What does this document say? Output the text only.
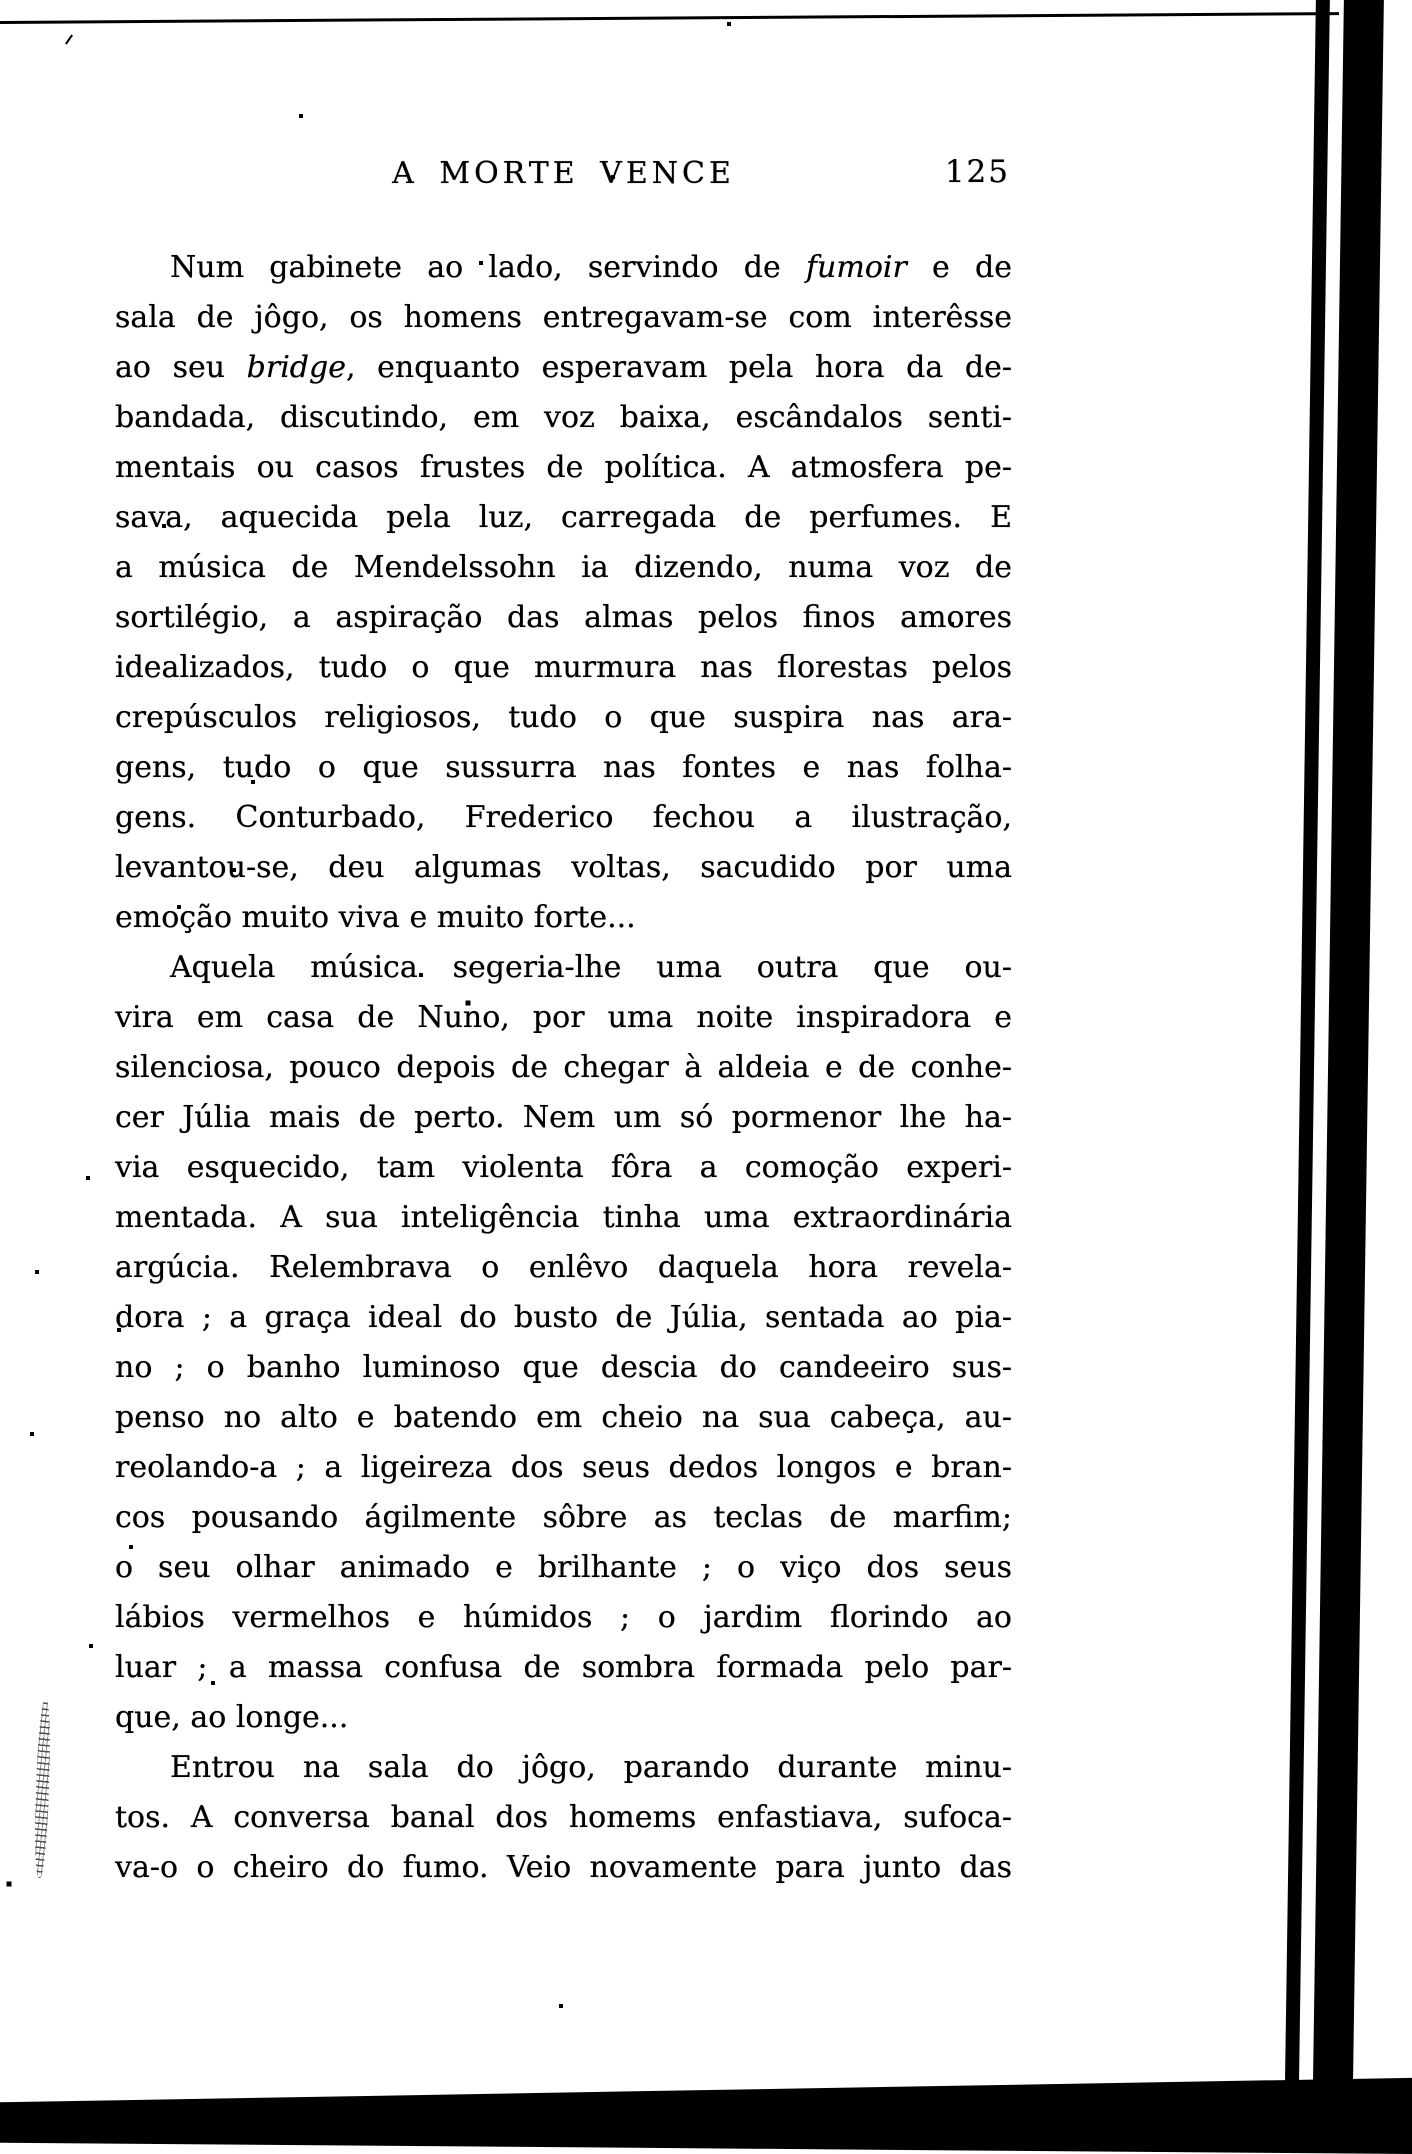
A MORTE VENCE	125
Num gabinete ao lado, servindo de fumoir e de
sala de jôgo, os homens entregavam-se com interêsse
ao seu bridge, enquanto esperavam pela hora da de-
bandada, discutindo, em voz baixa, escândalos senti-
mentais ou casos frustes de política. A atmosfera pe-
sava, aquecida pela luz, carregada de perfumes. E
a música de Mendelssohn ia dizendo, numa voz de
sortilégio, a aspiração das almas pelos finos amores
idealizados, tudo o que murmura nas florestas pelos
crepúsculos religiosos, tudo o que suspira nas ara-
gens, tudo o que sussurra nas fontes e nas folha-
gens. Conturbado, Frederico fechou a ilustração,
levantou-se, deu algumas voltas, sacudido por uma
emoção muito viva e muito forte...
Aquela música segeria-lhe uma outra que ou-
vira em casa de Nuno, por uma noite inspiradora e
silenciosa, pouco depois de chegar à aldeia e de conhe-
cer Júlia mais de perto. Nem um só pormenor lhe ha-
via esquecido, tam violenta fôra a comoção experi-
mentada. A sua inteligência tinha uma extraordinária
argúcia. Relembrava o enlêvo daquela hora revela-
dora ; a graça ideal do busto de Júlia, sentada ao pia-
no ; o banho luminoso que descia do candeeiro sus-
penso no alto e batendo em cheio na sua cabeça, au-
reolando-a ; a ligeireza dos seus dedos longos e bran-
cos pousando ágilmente sôbre as teclas de marfim;
o seu olhar animado e brilhante ; o viço dos seus
lábios vermelhos e húmidos ; o jardim florindo ao
luar ; a massa confusa de sombra formada pelo par-
que, ao longe...
Entrou na sala do jôgo, parando durante minu-
tos. A conversa banal dos homems enfastiava, sufoca-
va-o o cheiro do fumo. Veio novamente para junto das
